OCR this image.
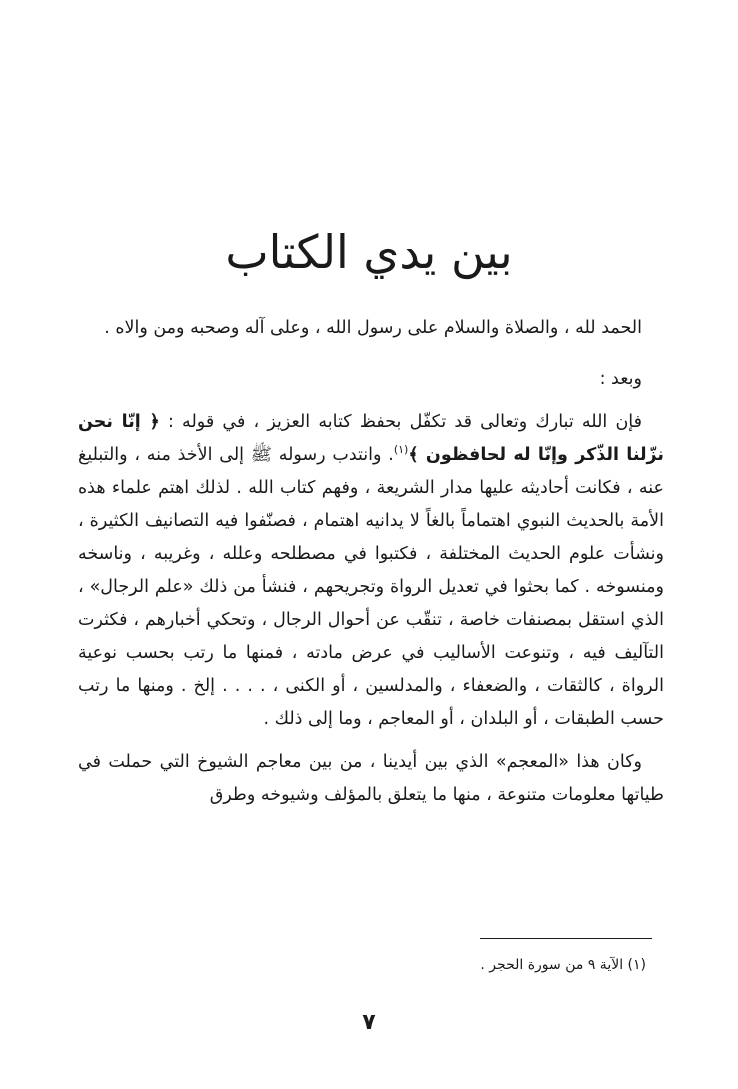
بين يدي الكتاب

الحمد لله ، والصلاة والسلام على رسول الله ، وعلى آله وصحبه ومن والاه .

وبعد :

فإن الله تبارك وتعالى قد تكفّل بحفظ كتابه العزيز ، في قوله : ﴿ إنّا نحن نزّلنا الذّكر وإنّا له لحافظون ﴾$^{(١)}$. وانتدب رسوله ﷺ إلى الأخذ منه ، والتبليغ عنه ، فكانت أحاديثه عليها مدار الشريعة ، وفهم كتاب الله . لذلك اهتم علماء هذه الأمة بالحديث النبوي اهتماماً بالغاً لا يدانيه اهتمام ، فصنّفوا فيه التصانيف الكثيرة ، ونشأت علوم الحديث المختلفة ، فكتبوا في مصطلحه وعلله ، وغريبه ، وناسخه ومنسوخه . كما بحثوا في تعديل الرواة وتجريحهم ، فنشأ من ذلك «علم الرجال» ، الذي استقل بمصنفات خاصة ، تنقّب عن أحوال الرجال ، وتحكي أخبارهم ، فكثرت التآليف فيه ، وتنوعت الأساليب في عرض مادته ، فمنها ما رتب بحسب نوعية الرواة ، كالثقات ، والضعفاء ، والمدلسين ، أو الكنى ، . . . . إلخ . ومنها ما رتب حسب الطبقات ، أو البلدان ، أو المعاجم ، وما إلى ذلك .

وكان هذا «المعجم» الذي بين أيدينا ، من بين معاجم الشيوخ التي حملت في طياتها معلومات متنوعة ، منها ما يتعلق بالمؤلف وشيوخه وطرق

(١) الآية ٩ من سورة الحجر .
٧
